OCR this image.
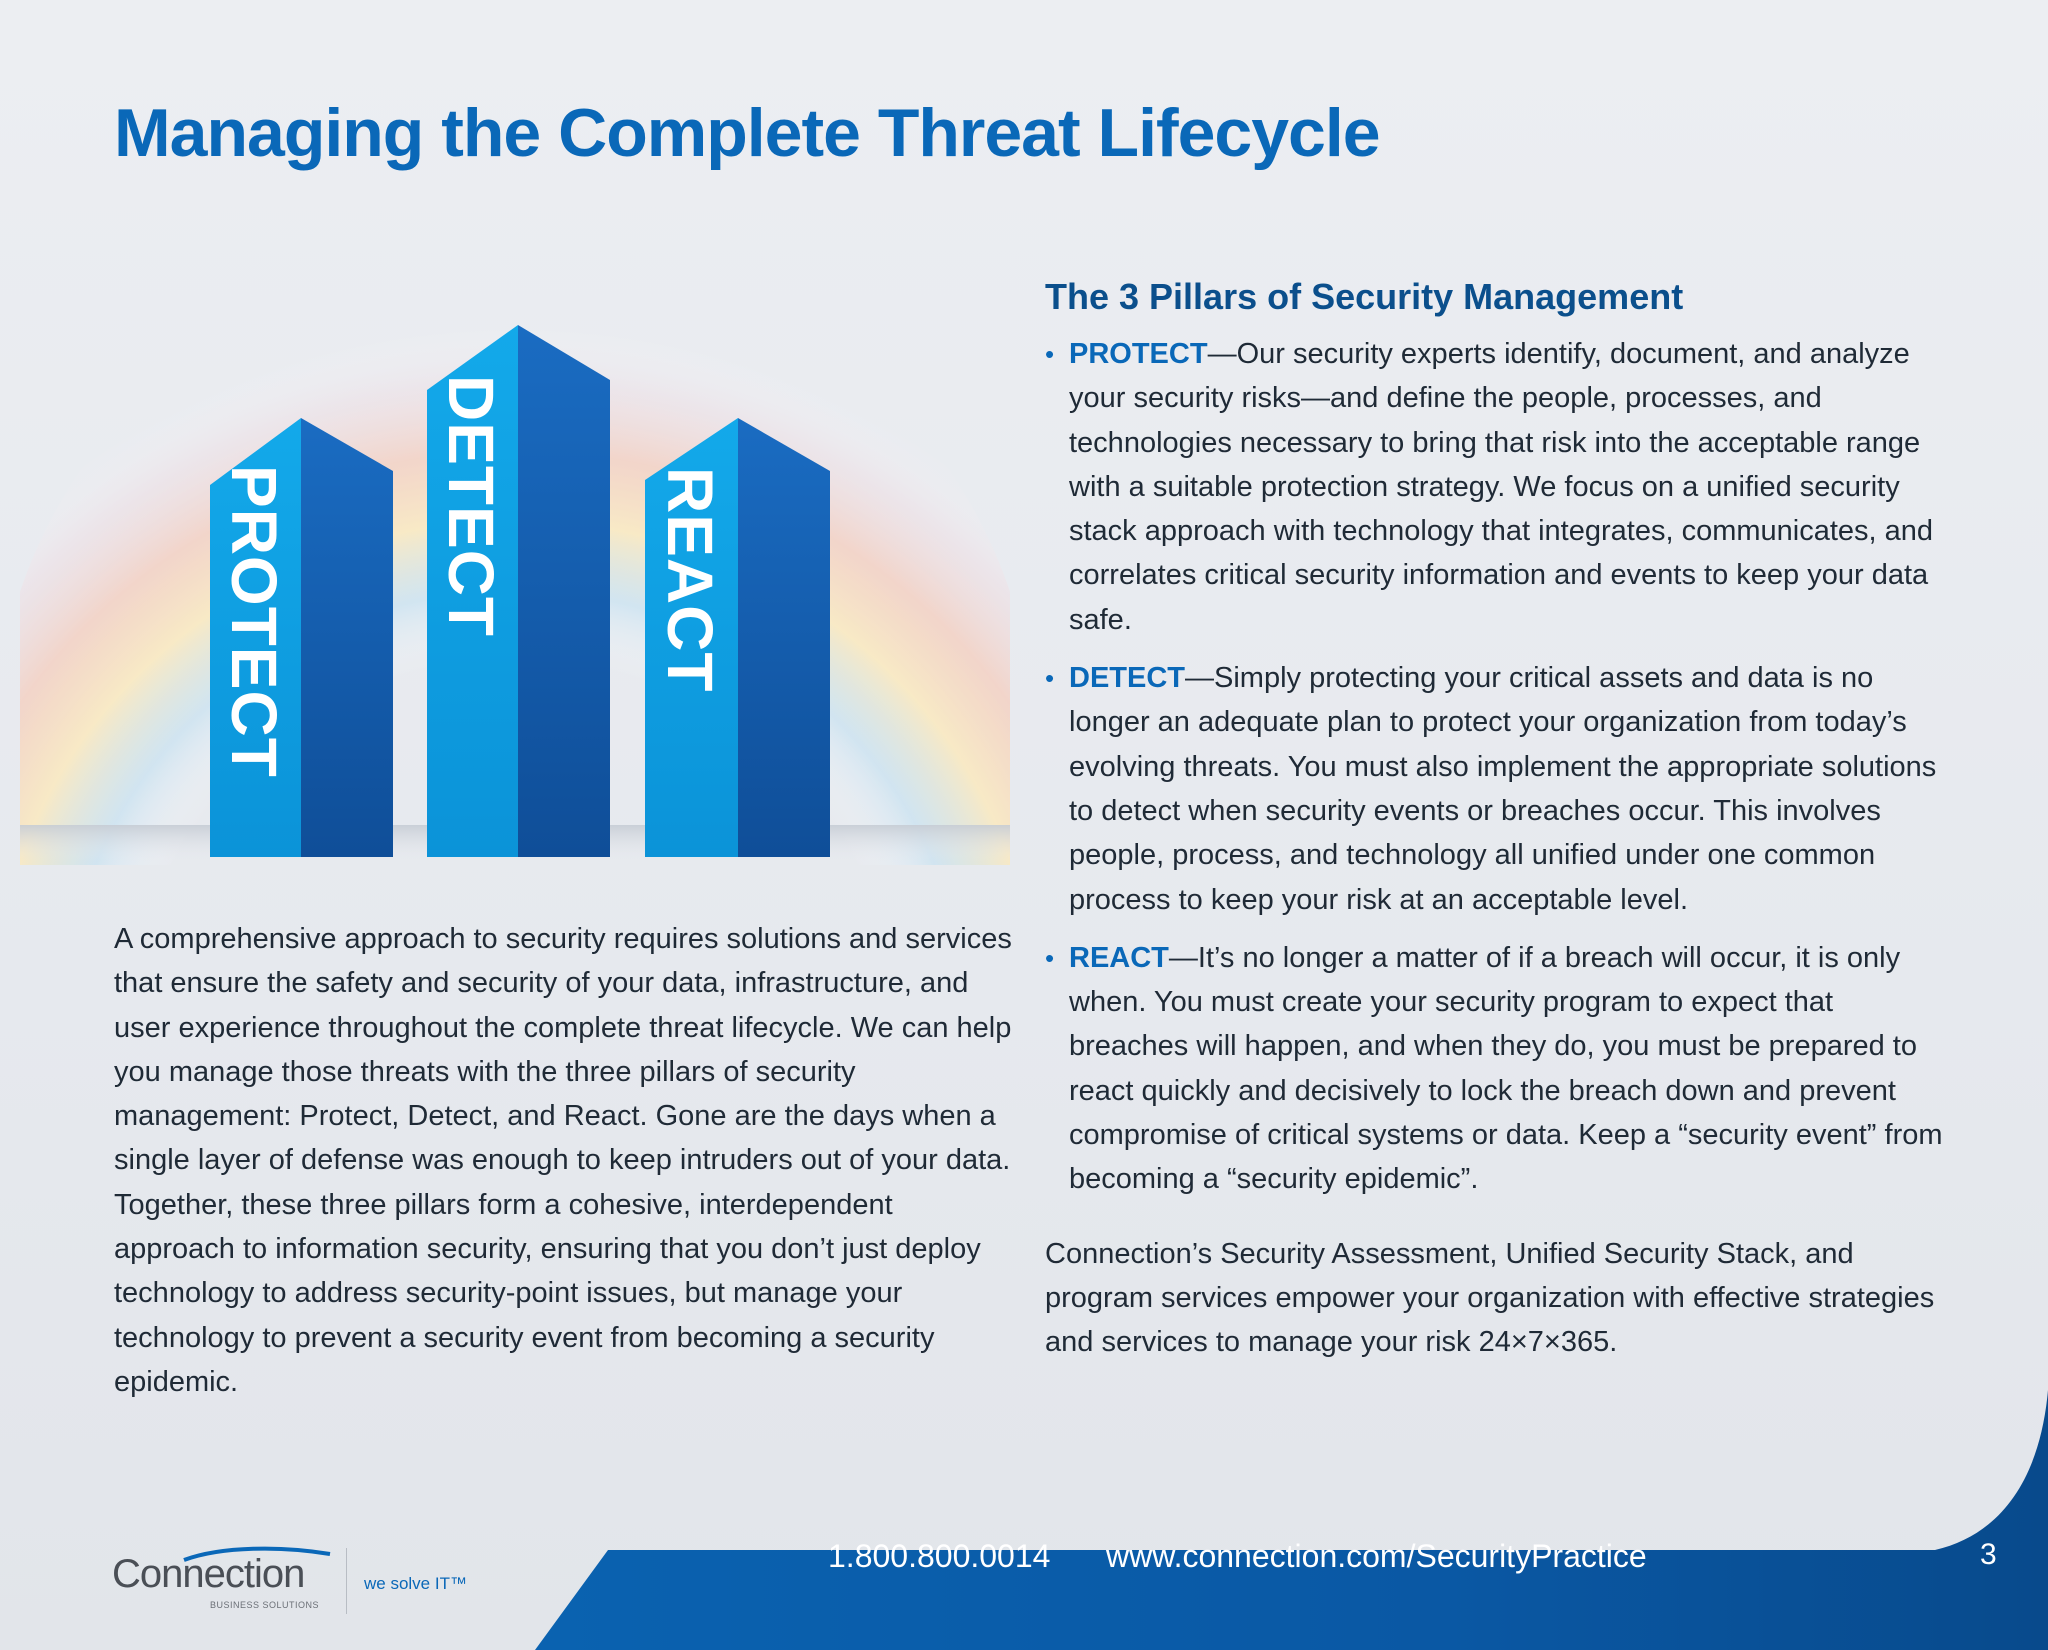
Managing the Complete Threat Lifecycle
PROTECT DETECT REACT

A comprehensive approach to security requires solutions and services that ensure the safety and security of your data, infrastructure, and user experience throughout the complete threat lifecycle. We can help you manage those threats with the three pillars of security management: Protect, Detect, and React. Gone are the days when a single layer of defense was enough to keep intruders out of your data. Together, these three pillars form a cohesive, interdependent approach to information security, ensuring that you don’t just deploy technology to address security-point issues, but manage your technology to prevent a security event from becoming a security epidemic.

The 3 Pillars of Security Management
• PROTECT—Our security experts identify, document, and analyze your security risks—and define the people, processes, and technologies necessary to bring that risk into the acceptable range with a suitable protection strategy. We focus on a unified security stack approach with technology that integrates, communicates, and correlates critical security information and events to keep your data safe.
• DETECT—Simply protecting your critical assets and data is no longer an adequate plan to protect your organization from today’s evolving threats. You must also implement the appropriate solutions to detect when security events or breaches occur. This involves people, process, and technology all unified under one common process to keep your risk at an acceptable level.
• REACT—It’s no longer a matter of if a breach will occur, it is only when. You must create your security program to expect that breaches will happen, and when they do, you must be prepared to react quickly and decisively to lock the breach down and prevent compromise of critical systems or data. Keep a “security event” from becoming a “security epidemic”.

Connection’s Security Assessment, Unified Security Stack, and program services empower your organization with effective strategies and services to manage your risk 24×7×365.

Connection
BUSINESS SOLUTIONS
we solve IT™
1.800.800.0014 www.connection.com/SecurityPractice	3
